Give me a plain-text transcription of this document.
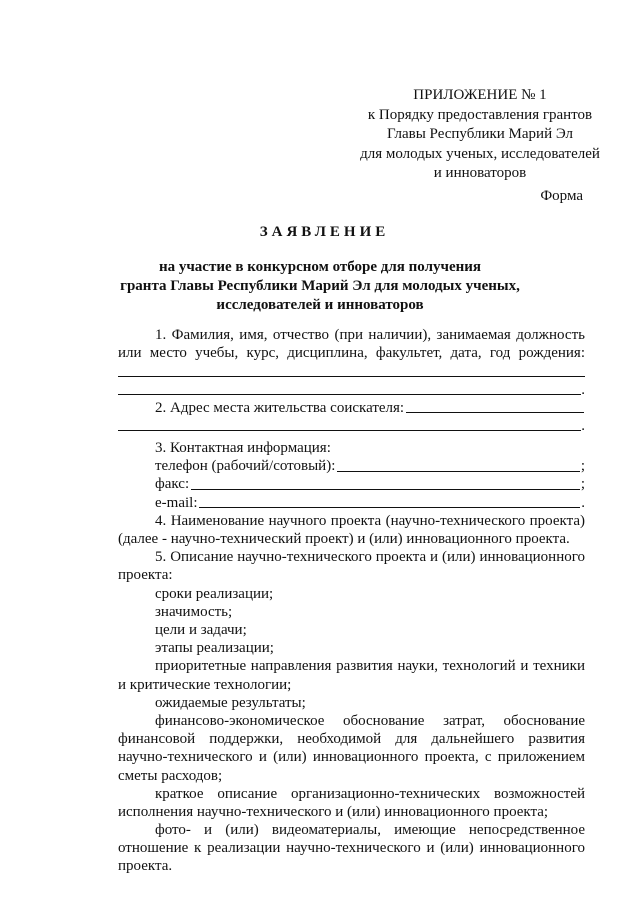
ПРИЛОЖЕНИЕ № 1
к Порядку предоставления грантов
Главы Республики Марий Эл
для молодых ученых, исследователей
и инноваторов
Форма
ЗАЯВЛЕНИЕ
на участие в конкурсном отборе для получения
гранта Главы Республики Марий Эл для молодых ученых,
исследователей и инноваторов
1. Фамилия, имя, отчество (при наличии), занимаемая должность
или место учебы, курс, дисциплина, факультет, дата, год рождения:
.
2. Адрес места жительства соискателя:
.
3. Контактная информация:
телефон (рабочий/сотовый):	;
факс:	;
e-mail:	.
4. Наименование научного проекта (научно-технического проекта)
(далее - научно-технический проект) и (или) инновационного проекта.
5. Описание научно-технического проекта и (или) инновационного
проекта:
сроки реализации;
значимость;
цели и задачи;
этапы реализации;
приоритетные направления развития науки, технологий и техники
и критические технологии;
ожидаемые результаты;
финансово-экономическое обоснование затрат, обоснование
финансовой поддержки, необходимой для дальнейшего развития
научно-технического и (или) инновационного проекта, с приложением
сметы расходов;
краткое описание организационно-технических возможностей
исполнения научно-технического и (или) инновационного проекта;
фото- и (или) видеоматериалы, имеющие непосредственное
отношение к реализации научно-технического и (или) инновационного
проекта.
